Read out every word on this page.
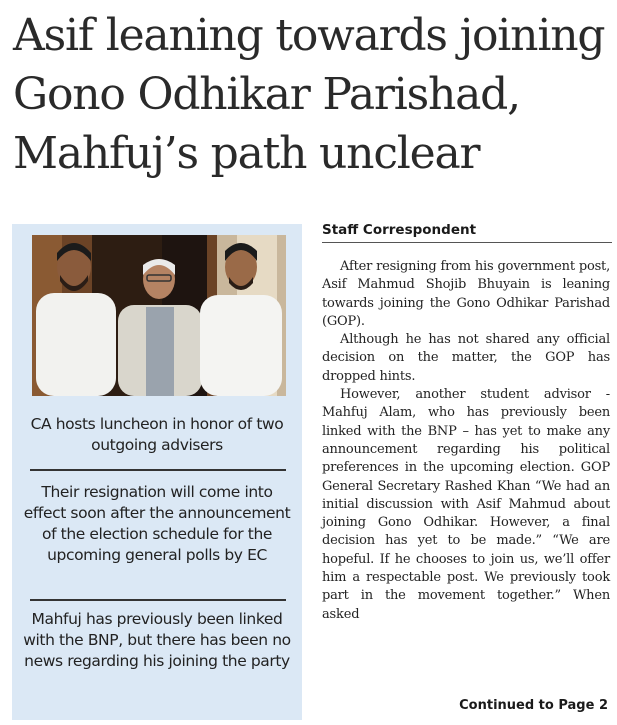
Asif leaning towards joining
Gono Odhikar Parishad,
Mahfuj’s path unclear
CA hosts luncheon in honor of two outgoing advisers
Their resignation will come into effect soon after the announcement of the election schedule for the upcoming general polls by EC
Mahfuj has previously been linked with the BNP, but there has been no news regarding his joining the party
Staff Correspondent

After resigning from his government post, Asif Mahmud Shojib Bhuyain is leaning towards joining the Gono Odhikar Parishad (GOP).

Although he has not shared any official decision on the matter, the GOP has dropped hints.

However, another student advisor - Mahfuj Alam, who has previously been linked with the BNP – has yet to make any announcement regarding his political preferences in the upcoming election. GOP General Secretary Rashed Khan “We had an initial discussion with Asif Mahmud about joining Gono Odhikar. However, a final decision has yet to be made.” “We are hopeful. If he chooses to join us, we’ll offer him a respectable post. We previously took part in the movement together.” When asked

Continued to Page 2
